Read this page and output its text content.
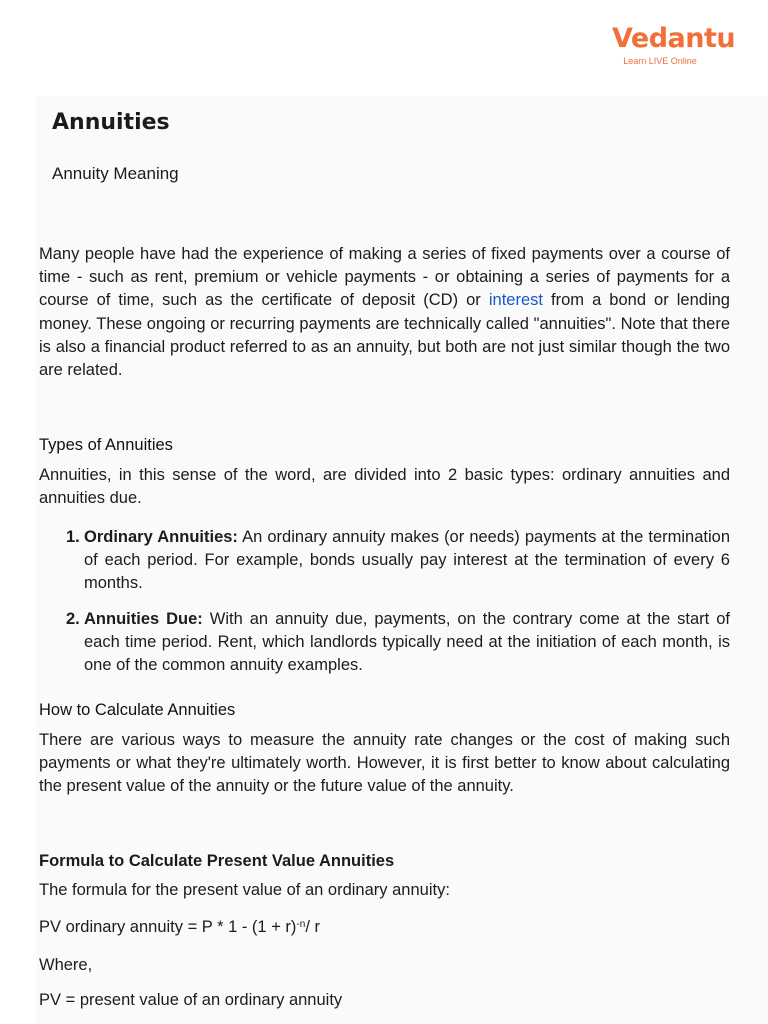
Vedantu
Learn LIVE Online
Annuities
Annuity Meaning

Many people have had the experience of making a series of fixed payments over a course of time - such as rent, premium or vehicle payments - or obtaining a series of payments for a course of time, such as the certificate of deposit (CD) or interest from a bond or lending money. These ongoing or recurring payments are technically called "annuities". Note that there is also a financial product referred to as an annuity, but both are not just similar though the two are related.

Types of Annuities

Annuities, in this sense of the word, are divided into 2 basic types: ordinary annuities and annuities due.

1. Ordinary Annuities: An ordinary annuity makes (or needs) payments at the termination of each period. For example, bonds usually pay interest at the termination of every 6 months.
2. Annuities Due: With an annuity due, payments, on the contrary come at the start of each time period. Rent, which landlords typically need at the initiation of each month, is one of the common annuity examples.
How to Calculate Annuities

There are various ways to measure the annuity rate changes or the cost of making such payments or what they're ultimately worth. However, it is first better to know about calculating the present value of the annuity or the future value of the annuity.

Formula to Calculate Present Value Annuities

The formula for the present value of an ordinary annuity:

PV ordinary annuity = $P * 1 - (1 + r)^{-n}/$ r

Where,

PV = present value of an ordinary annuity
